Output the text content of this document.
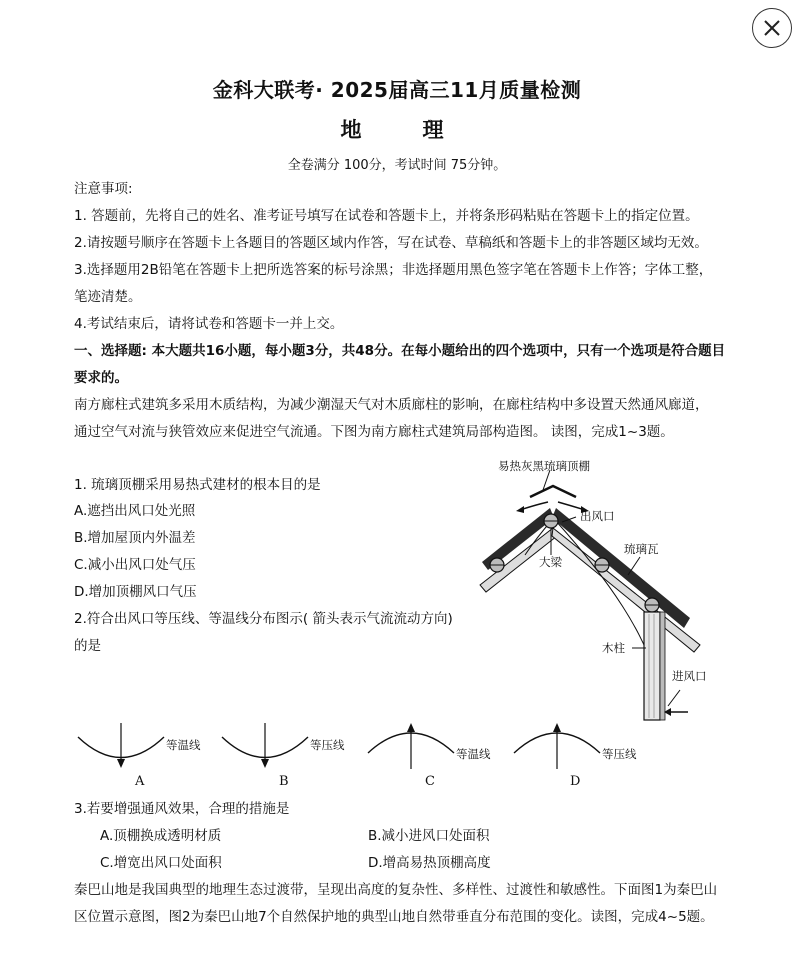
金科大联考· 2025届高三11月质量检测
地　理
全卷满分 100分，考试时间 75分钟。
注意事项:
1. 答题前，先将自己的姓名、准考证号填写在试卷和答题卡上，并将条形码粘贴在答题卡上的指定位置。
2.请按题号顺序在答题卡上各题目的答题区域内作答，写在试卷、草稿纸和答题卡上的非答题区域均无效。
3.选择题用2B铅笔在答题卡上把所选答案的标号涂黑；非选择题用黑色签字笔在答题卡上作答；字体工整，
笔迹清楚。
4.考试结束后，请将试卷和答题卡一并上交。
一、选择题: 本大题共16小题，每小题3分，共48分。在每小题给出的四个选项中，只有一个选项是符合题目
要求的。
南方廊柱式建筑多采用木质结构，为减少潮湿天气对木质廊柱的影响，在廊柱结构中多设置天然通风廊道，
通过空气对流与狭管效应来促进空气流通。下图为南方廊柱式建筑局部构造图。 读图，完成1~3题。
1. 琉璃顶棚采用易热式建材的根本目的是
A.遮挡出风口处光照
B.增加屋顶内外温差
C.减小出风口处气压
D.增加顶棚风口气压
2.符合出风口等压线、等温线分布图示( 箭头表示气流流动方向)
的是
易热灰黑琉璃顶棚
出风口
琉璃瓦
大梁
木柱
进风口
等温线
A
等压线
B
等温线
C
等压线
D
3.若要增强通风效果，合理的措施是
A.顶棚换成透明材质	B.减小进风口处面积
C.增宽出风口处面积	D.增高易热顶棚高度
秦巴山地是我国典型的地理生态过渡带，呈现出高度的复杂性、多样性、过渡性和敏感性。下面图1为秦巴山
区位置示意图，图2为秦巴山地7个自然保护地的典型山地自然带垂直分布范围的变化。读图，完成4~5题。
